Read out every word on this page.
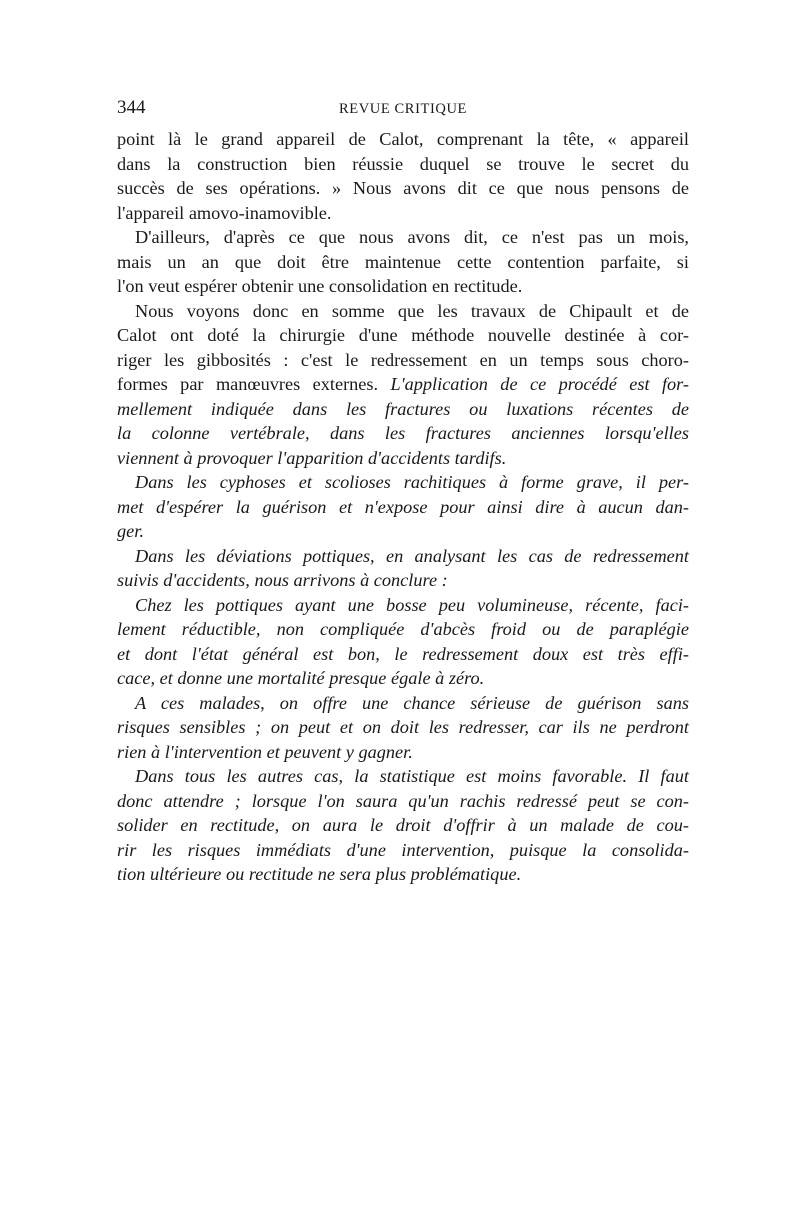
344	REVUE CRITIQUE
point là le grand appareil de Calot, comprenant la tête, « appareil
dans la construction bien réussie duquel se trouve le secret du
succès de ses opérations. » Nous avons dit ce que nous pensons de
l'appareil amovo-inamovible.
D'ailleurs, d'après ce que nous avons dit, ce n'est pas un mois,
mais un an que doit être maintenue cette contention parfaite, si
l'on veut espérer obtenir une consolidation en rectitude.
Nous voyons donc en somme que les travaux de Chipault et de
Calot ont doté la chirurgie d'une méthode nouvelle destinée à cor-
riger les gibbosités : c'est le redressement en un temps sous choro-
formes par manœuvres externes. L'application de ce procédé est for-
mellement indiquée dans les fractures ou luxations récentes de
la colonne vertébrale, dans les fractures anciennes lorsqu'elles
viennent à provoquer l'apparition d'accidents tardifs.
Dans les cyphoses et scolioses rachitiques à forme grave, il per-
met d'espérer la guérison et n'expose pour ainsi dire à aucun dan-
ger.
Dans les déviations pottiques, en analysant les cas de redressement
suivis d'accidents, nous arrivons à conclure :
Chez les pottiques ayant une bosse peu volumineuse, récente, faci-
lement réductible, non compliquée d'abcès froid ou de paraplégie
et dont l'état général est bon, le redressement doux est très effi-
cace, et donne une mortalité presque égale à zéro.
A ces malades, on offre une chance sérieuse de guérison sans
risques sensibles ; on peut et on doit les redresser, car ils ne perdront
rien à l'intervention et peuvent y gagner.
Dans tous les autres cas, la statistique est moins favorable. Il faut
donc attendre ; lorsque l'on saura qu'un rachis redressé peut se con-
solider en rectitude, on aura le droit d'offrir à un malade de cou-
rir les risques immédiats d'une intervention, puisque la consolida-
tion ultérieure ou rectitude ne sera plus problématique.
